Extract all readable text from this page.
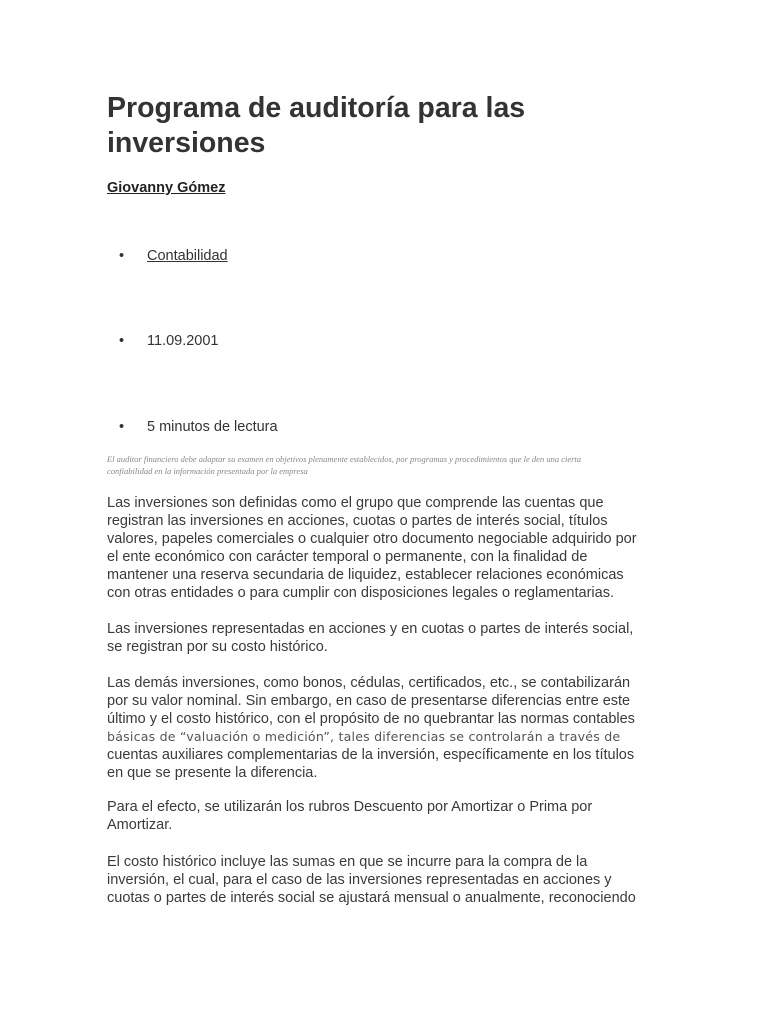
Programa de auditoría para las inversiones
Giovanny Gómez
• Contabilidad
• 11.09.2001
• 5 minutos de lectura
El auditor financiero debe adaptar su examen en objetivos plenamente establecidos, por programas y procedimientos que le den una cierta
confiabilidad en la información presentada por la empresa

Las inversiones son definidas como el grupo que comprende las cuentas que
registran las inversiones en acciones, cuotas o partes de interés social, títulos
valores, papeles comerciales o cualquier otro documento negociable adquirido por
el ente económico con carácter temporal o permanente, con la finalidad de
mantener una reserva secundaria de liquidez, establecer relaciones económicas
con otras entidades o para cumplir con disposiciones legales o reglamentarias.

Las inversiones representadas en acciones y en cuotas o partes de interés social,
se registran por su costo histórico.

Las demás inversiones, como bonos, cédulas, certificados, etc., se contabilizarán
por su valor nominal. Sin embargo, en caso de presentarse diferencias entre este
último y el costo histórico, con el propósito de no quebrantar las normas contables
básicas de “valuación o medición”, tales diferencias se controlarán a través de
cuentas auxiliares complementarias de la inversión, específicamente en los títulos
en que se presente la diferencia.

Para el efecto, se utilizarán los rubros Descuento por Amortizar o Prima por
Amortizar.

El costo histórico incluye las sumas en que se incurre para la compra de la
inversión, el cual, para el caso de las inversiones representadas en acciones y
cuotas o partes de interés social se ajustará mensual o anualmente, reconociendo
